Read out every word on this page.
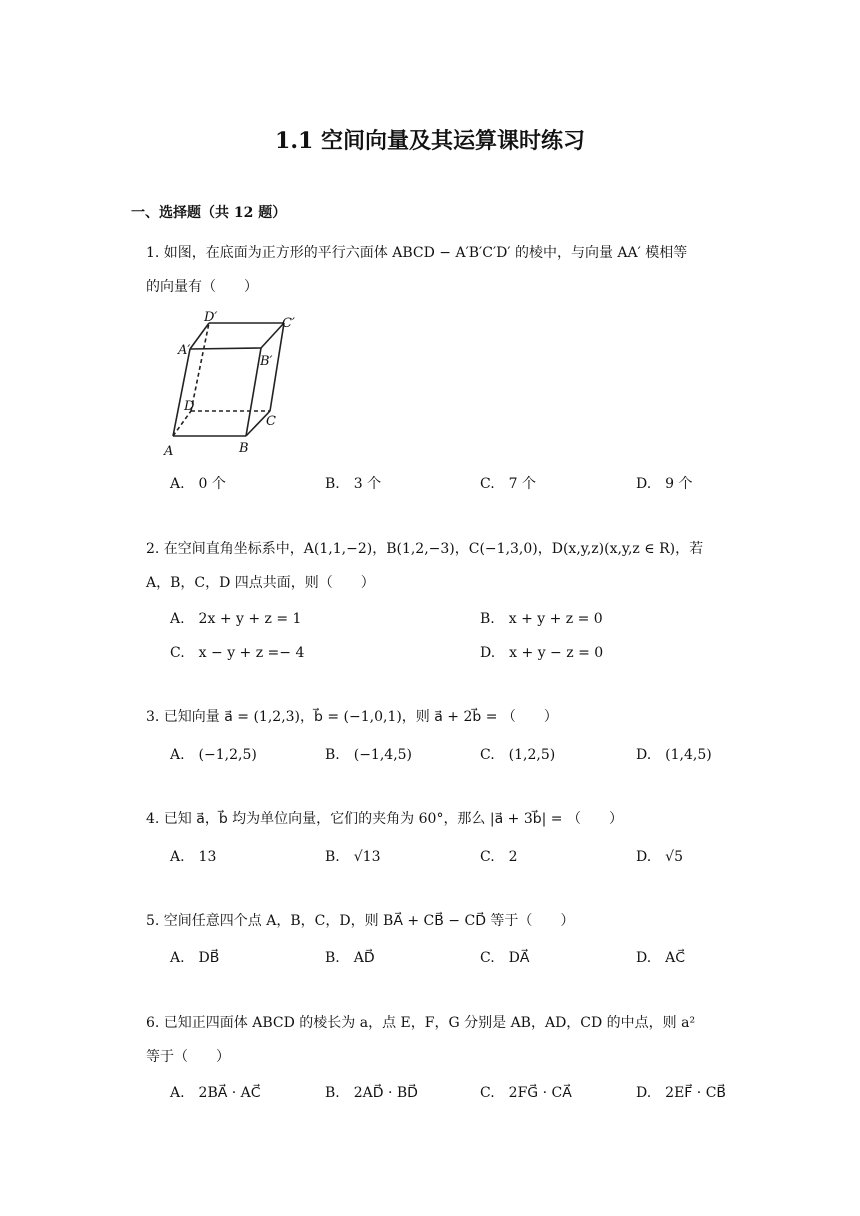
1.1 空间向量及其运算课时练习
一、选择题（共 12 题）
1. 如图，在底面为正方形的平行六面体 ABCD − A′B′C′D′ 的棱中，与向量 AA′ 模相等
的向量有（　　）
D′	C′
A′
B′
D
C
A	B
A.　0 个	B.　3 个	C.　7 个	D.　9 个
2. 在空间直角坐标系中，A(1,1,−2)，B(1,2,−3)，C(−1,3,0)，D(x,y,z)(x,y,z ∈ R)，若
A，B，C，D 四点共面，则（　　）
A.　2x + y + z = 1	B.　x + y + z = 0
C.　x − y + z =− 4	D.　x + y − z = 0
3. 已知向量 a⃗ = (1,2,3)，b⃗ = (−1,0,1)，则 a⃗ + 2b⃗ = （　　）
A.　(−1,2,5)	B.　(−1,4,5)	C.　(1,2,5)	D.　(1,4,5)
4. 已知 a⃗，b⃗ 均为单位向量，它们的夹角为 60°，那么 |a⃗ + 3b⃗| = （　　）
A.　13	B.　√13	C.　2	D.　√5
5. 空间任意四个点 A，B，C，D，则 BA⃗ + CB⃗ − CD⃗ 等于（　　）
A.　DB⃗	B.　AD⃗	C.　DA⃗	D.　AC⃗
6. 已知正四面体 ABCD 的棱长为 a，点 E，F，G 分别是 AB，AD，CD 的中点，则 a²
等于（　　）
A.　2BA⃗ · AC⃗	B.　2AD⃗ · BD⃗	C.　2FG⃗ · CA⃗	D.　2EF⃗ · CB⃗
